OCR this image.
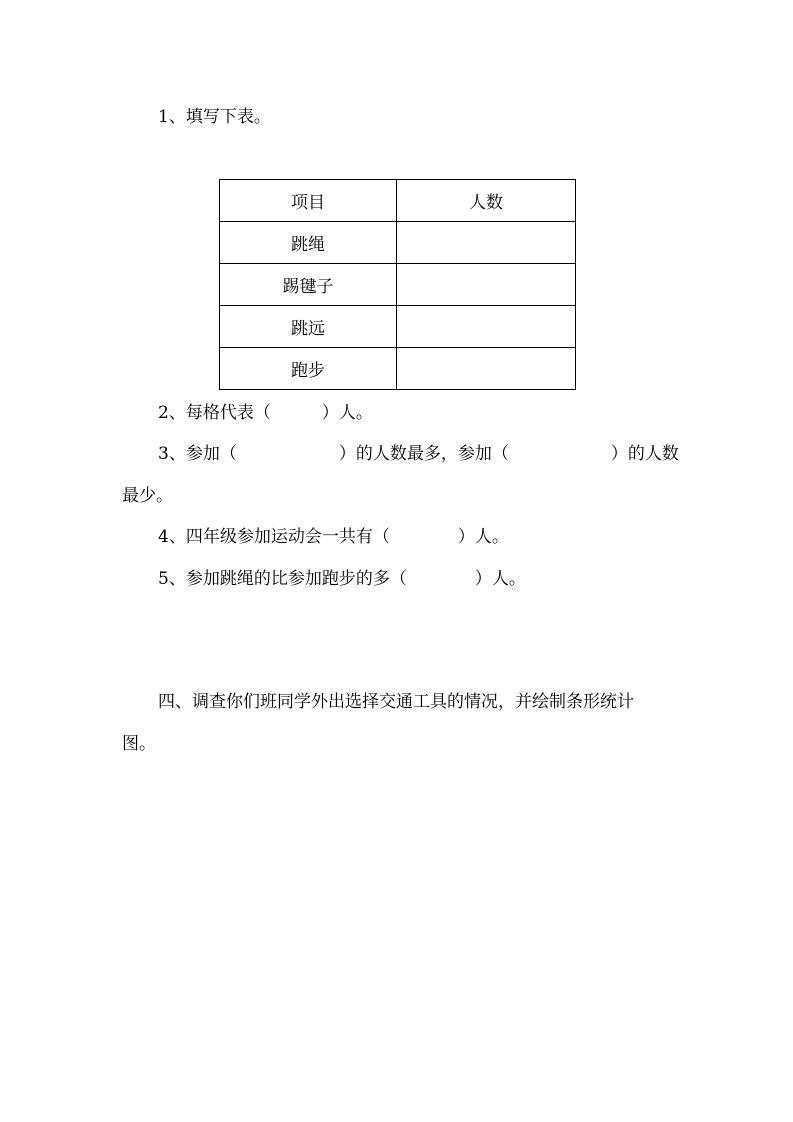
1、填写下表。
项目	人数
跳绳	
踢毽子	
跳远	
跑步	
2、每格代表（　　　）人。
3、参加（　　　　　　）的人数最多，参加（　　　　　　）的人数
最少。
4、四年级参加运动会一共有（　　　　）人。
5、参加跳绳的比参加跑步的多（　　　　）人。
四、调查你们班同学外出选择交通工具的情况，并绘制条形统计
图。
